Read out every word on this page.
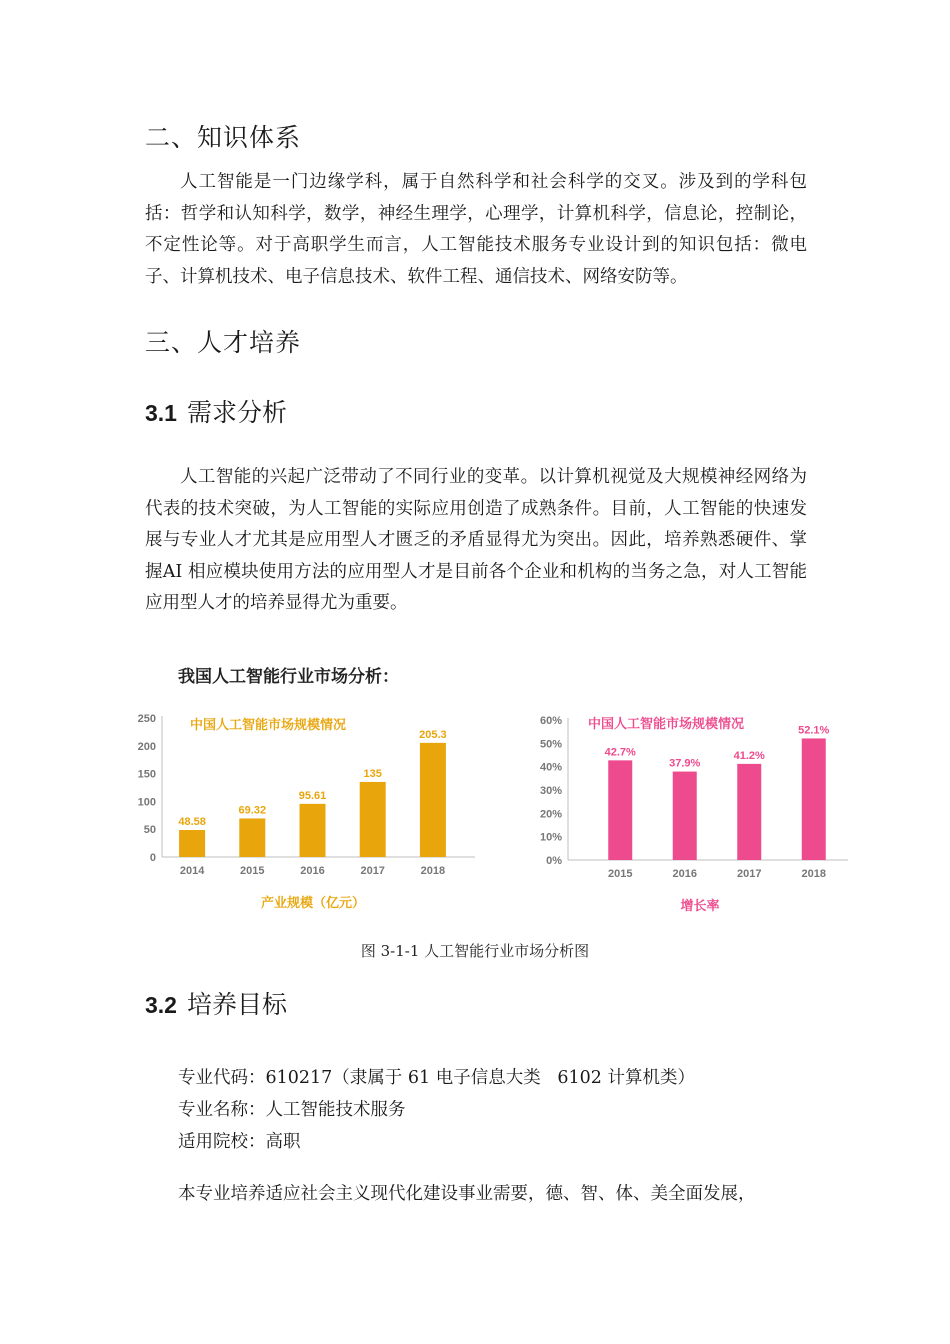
二、知识体系

人工智能是一门边缘学科，属于自然科学和社会科学的交叉。涉及到的学科包括：哲学和认知科学，数学，神经生理学，心理学，计算机科学，信息论，控制论，不定性论等。对于高职学生而言，人工智能技术服务专业设计到的知识包括：微电子、计算机技术、电子信息技术、软件工程、通信技术、网络安防等。

三、人才培养
3.1 需求分析

人工智能的兴起广泛带动了不同行业的变革。以计算机视觉及大规模神经网络为代表的技术突破，为人工智能的实际应用创造了成熟条件。目前，人工智能的快速发展与专业人才尤其是应用型人才匮乏的矛盾显得尤为突出。因此，培养熟悉硬件、掌握AI 相应模块使用方法的应用型人才是目前各个企业和机构的当务之急，对人工智能应用型人才的培养显得尤为重要。

我国人工智能行业市场分析：
0
50
100
150
200
250
48.58
2014
69.32
2015
95.61
2016
135
2017
205.3
2018
中国人工智能市场规模情况
产业规模（亿元）
0%
10%
20%
30%
40%
50%
60%
42.7%
2015
37.9%
2016
41.2%
2017
52.1%
2018
中国人工智能市场规模情况
增长率
图 3-1-1 人工智能行业市场分析图
3.2 培养目标

专业代码：610217（隶属于 61 电子信息大类   6102 计算机类）

专业名称：人工智能技术服务

适用院校：高职

本专业培养适应社会主义现代化建设事业需要，德、智、体、美全面发展，
